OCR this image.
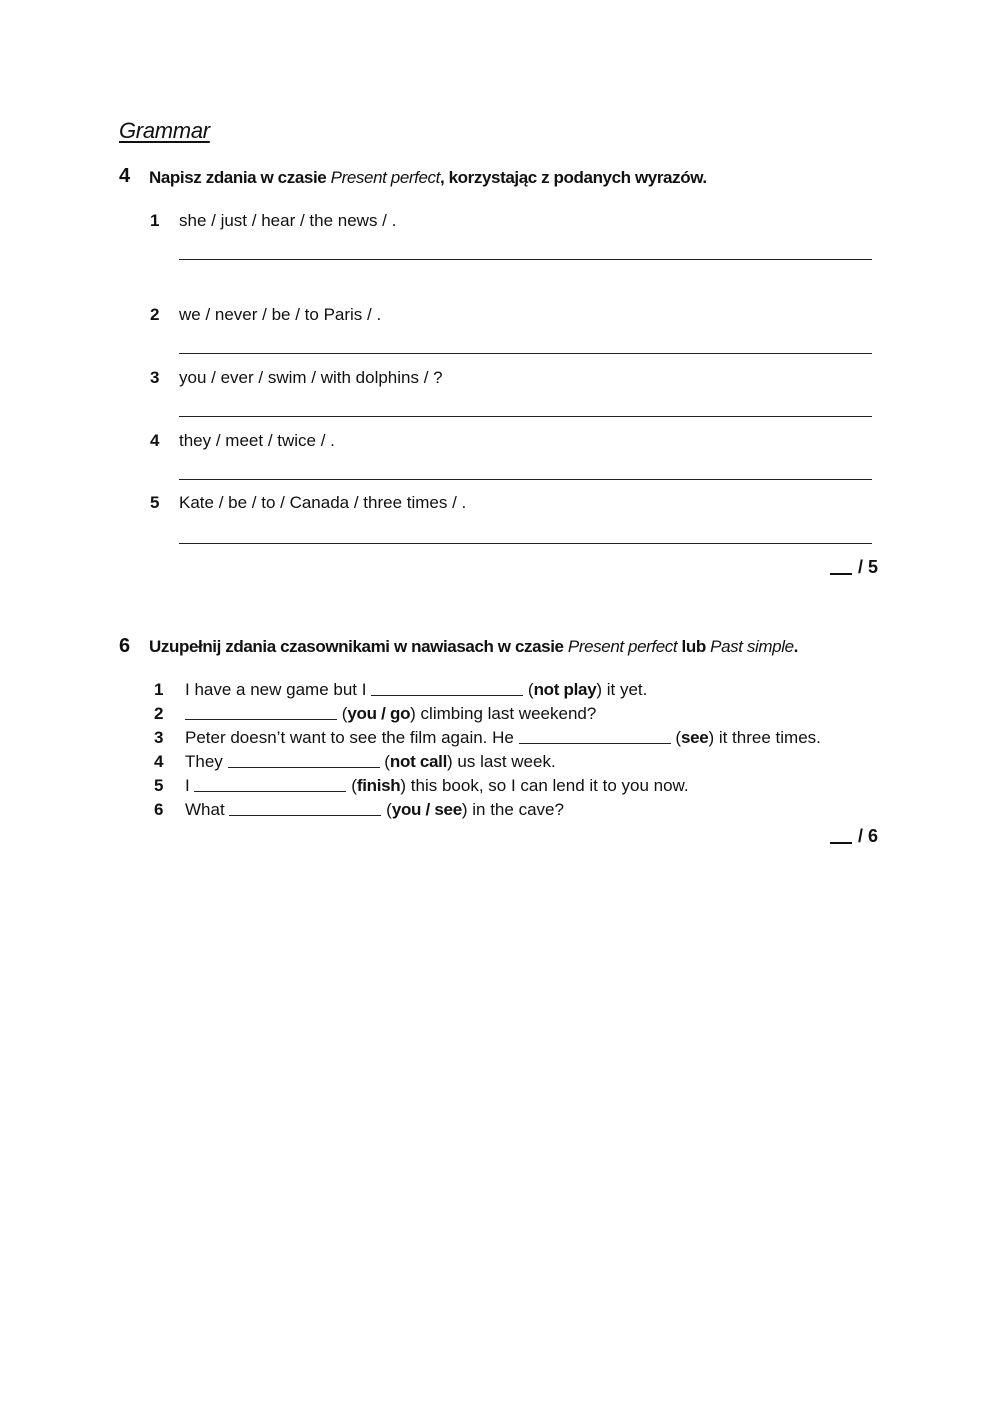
Grammar
4 Napisz zdania w czasie Present perfect, korzystając z podanych wyrazów.
1 she / just / hear / the news / .
2 we / never / be / to Paris / .
3 you / ever / swim / with dolphins / ?
4 they / meet / twice / .
5 Kate / be / to / Canada / three times / .
/ 5
6 Uzupełnij zdania czasownikami w nawiasach w czasie Present perfect lub Past simple.
1 I have a new game but I	(not play) it yet.
2	(you / go) climbing last weekend?
3 Peter doesn’t want to see the film again. He	(see) it three times.
4 They	(not call) us last week.
5 I	(finish) this book, so I can lend it to you now.
6 What	(you / see) in the cave?
/ 6
